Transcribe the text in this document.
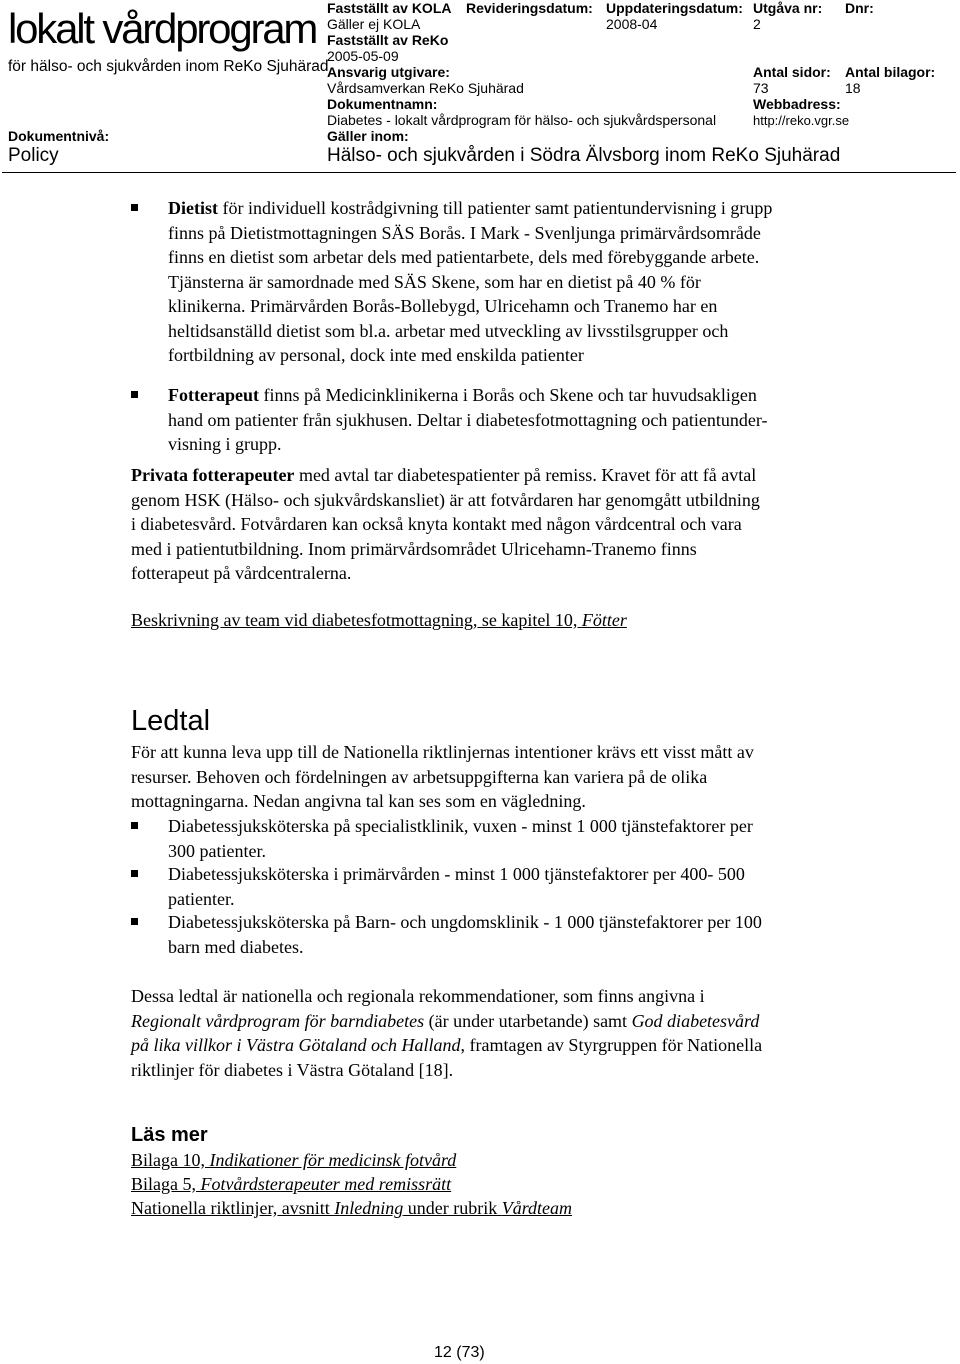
lokalt vårdprogram
för hälso- och sjukvården inom ReKo Sjuhärad
Fastställt av KOLA
Gäller ej KOLA
Fastställt av ReKo
2005-05-09
Revideringsdatum: Uppdateringsdatum:
2008-04
Utgåva nr:
2
Dnr:
Ansvarig utgivare:
Vårdsamverkan ReKo Sjuhärad
Antal sidor:
73
Antal bilagor:
18
Dokumentnamn:
Diabetes - lokalt vårdprogram för hälso- och sjukvårdspersonal
Webbadress:
http://reko.vgr.se
Dokumentnivå:
Policy
Gäller inom:
Hälso- och sjukvården i Södra Älvsborg inom ReKo Sjuhärad
Dietist för individuell kostrådgivning till patienter samt patientundervisning i grupp
finns på Dietistmottagningen SÄS Borås. I Mark - Svenljunga primärvårdsområde
finns en dietist som arbetar dels med patientarbete, dels med förebyggande arbete.
Tjänsterna är samordnade med SÄS Skene, som har en dietist på 40 % för
klinikerna. Primärvården Borås-Bollebygd, Ulricehamn och Tranemo har en
heltidsanställd dietist som bl.a. arbetar med utveckling av livsstilsgrupper och
fortbildning av personal, dock inte med enskilda patienter
Fotterapeut finns på Medicinklinikerna i Borås och Skene och tar huvudsakligen
hand om patienter från sjukhusen. Deltar i diabetesfotmottagning och patientunder-
visning i grupp.
Privata fotterapeuter med avtal tar diabetespatienter på remiss. Kravet för att få avtal
genom HSK (Hälso- och sjukvårdskansliet) är att fotvårdaren har genomgått utbildning
i diabetesvård. Fotvårdaren kan också knyta kontakt med någon vårdcentral och vara
med i patientutbildning. Inom primärvårdsområdet Ulricehamn-Tranemo finns
fotterapeut på vårdcentralerna.
Beskrivning av team vid diabetesfotmottagning, se kapitel 10, Fötter
Ledtal
För att kunna leva upp till de Nationella riktlinjernas intentioner krävs ett visst mått av
resurser. Behoven och fördelningen av arbetsuppgifterna kan variera på de olika
mottagningarna. Nedan angivna tal kan ses som en vägledning.
Diabetessjuksköterska på specialistklinik, vuxen - minst 1 000 tjänstefaktorer per
300 patienter.
Diabetessjuksköterska i primärvården - minst 1 000 tjänstefaktorer per 400- 500
patienter.
Diabetessjuksköterska på Barn- och ungdomsklinik - 1 000 tjänstefaktorer per 100
barn med diabetes.
Dessa ledtal är nationella och regionala rekommendationer, som finns angivna i
Regionalt vårdprogram för barndiabetes (är under utarbetande) samt God diabetesvård
på lika villkor i Västra Götaland och Halland, framtagen av Styrgruppen för Nationella
riktlinjer för diabetes i Västra Götaland [18].
Läs mer
Bilaga 10, Indikationer för medicinsk fotvård
Bilaga 5, Fotvårdsterapeuter med remissrätt
Nationella riktlinjer, avsnitt Inledning under rubrik Vårdteam
12 (73)
